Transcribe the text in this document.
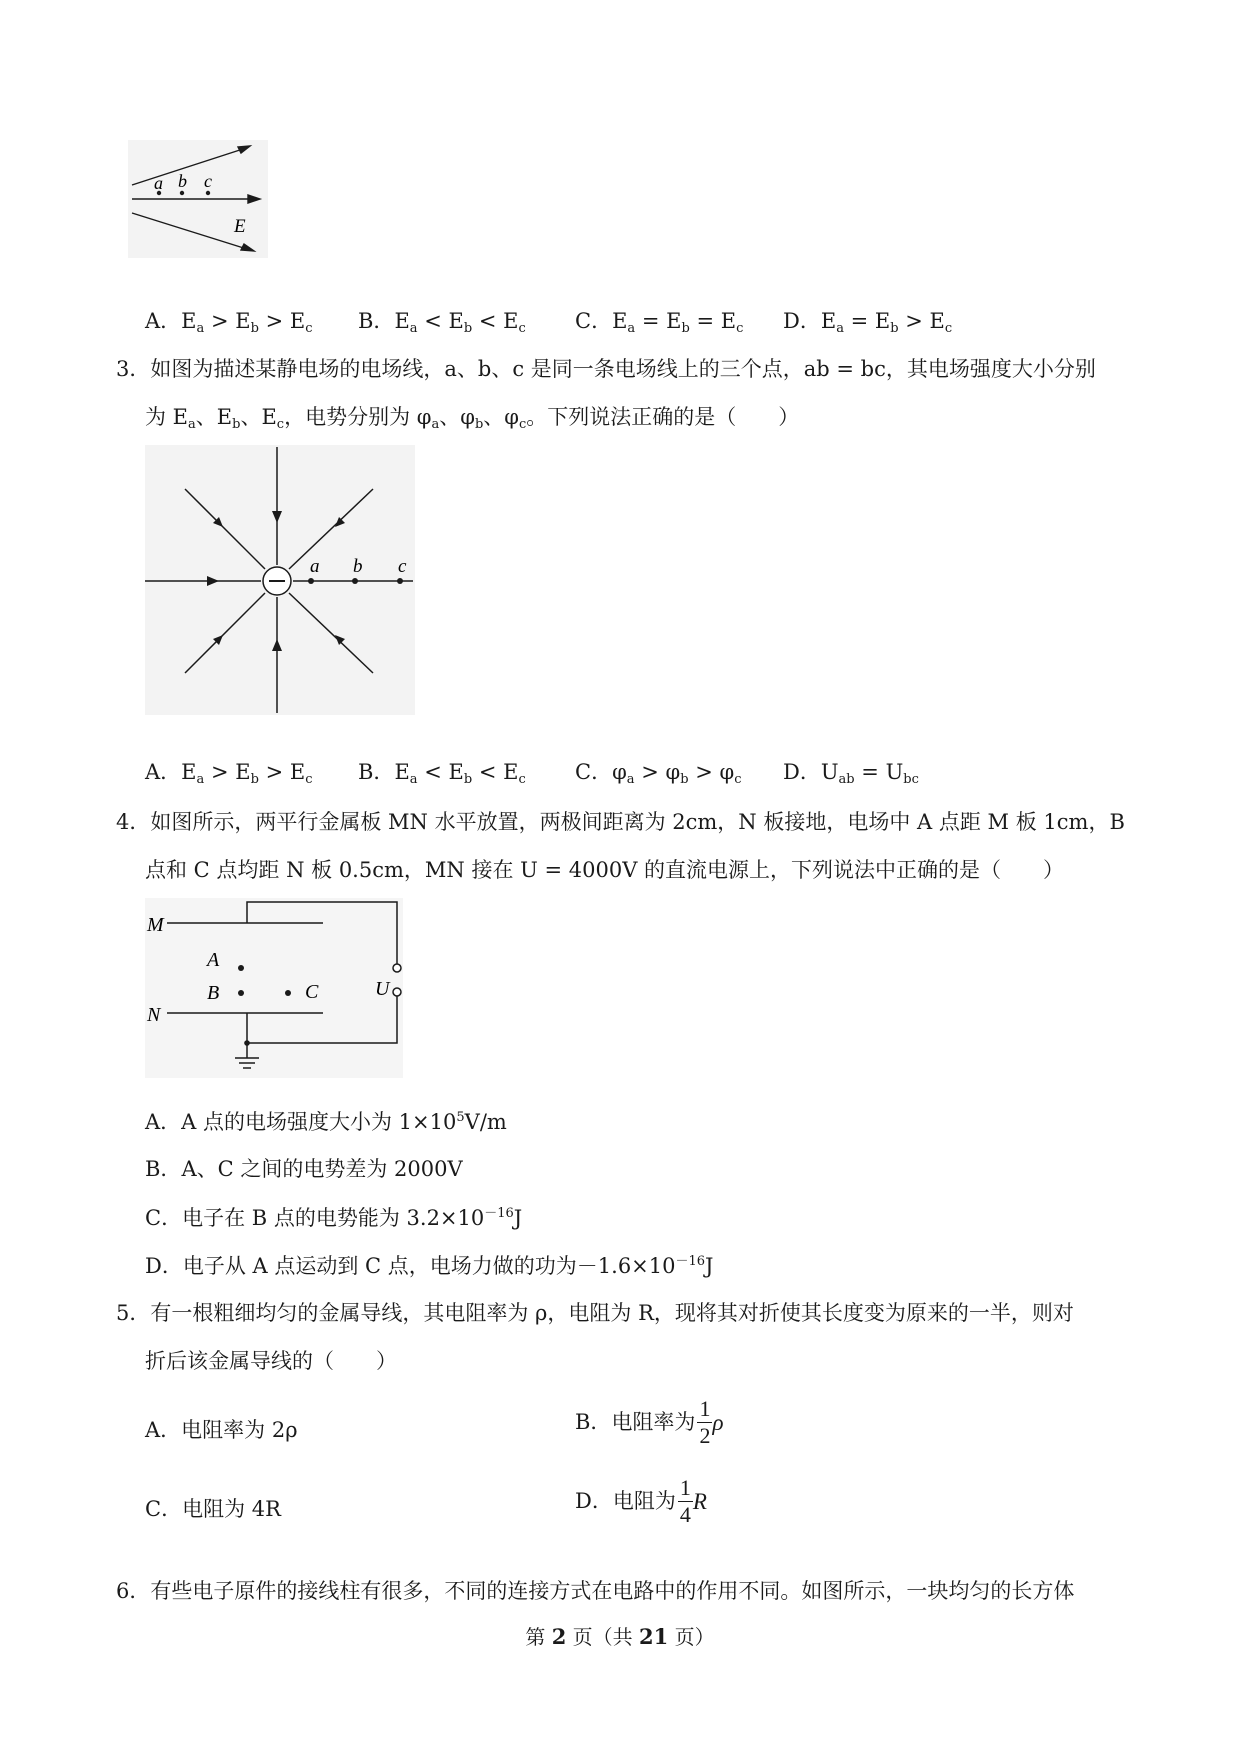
a b c
E
A．$E_a > E_b > E_c$ B．$E_a < E_b < E_c$ C．$E_a = E_b = E_c$ D．$E_a = E_b > E_c$
3．如图为描述某静电场的电场线，a、b、c 是同一条电场线上的三个点，ab = bc，其电场强度大小分别
为 $E_a$、$E_b$、$E_c$，电势分别为 $\varphi_a$、$\varphi_b$、$\varphi_c$。下列说法正确的是（　　）
a b c
A．$E_a > E_b > E_c$ B．$E_a < E_b < E_c$ C．$\varphi_a > \varphi_b > \varphi_c$ D．$U_{ab} = U_{bc}$
4．如图所示，两平行金属板 MN 水平放置，两极间距离为 2cm，N 板接地，电场中 A 点距 M 板 1cm，B
点和 C 点均距 N 板 0.5cm，MN 接在 U = 4000V 的直流电源上，下列说法中正确的是（　　）
M
N
A
B	C	U
A．A 点的电场强度大小为 $1\times 10^5V/m$
B．A、C 之间的电势差为 2000V
C．电子在 B 点的电势能为 $3.2\times 10^{-16}J$
D．电子从 A 点运动到 C 点，电场力做的功为$-1.6\times 10^{-16}J$
5．有一根粗细均匀的金属导线，其电阻率为 ρ，电阻为 R，现将其对折使其长度变为原来的一半，则对
折后该金属导线的（　　）
A．电阻率为 2ρ	B． 电阻率为 $\frac{1}{2}$ ρ
C．电阻为 4R	D． 电阻为 $\frac{1}{4}$ R
6．有些电子原件的接线柱有很多，不同的连接方式在电路中的作用不同。如图所示，一块均匀的长方体
第 2 页（共 21 页）
